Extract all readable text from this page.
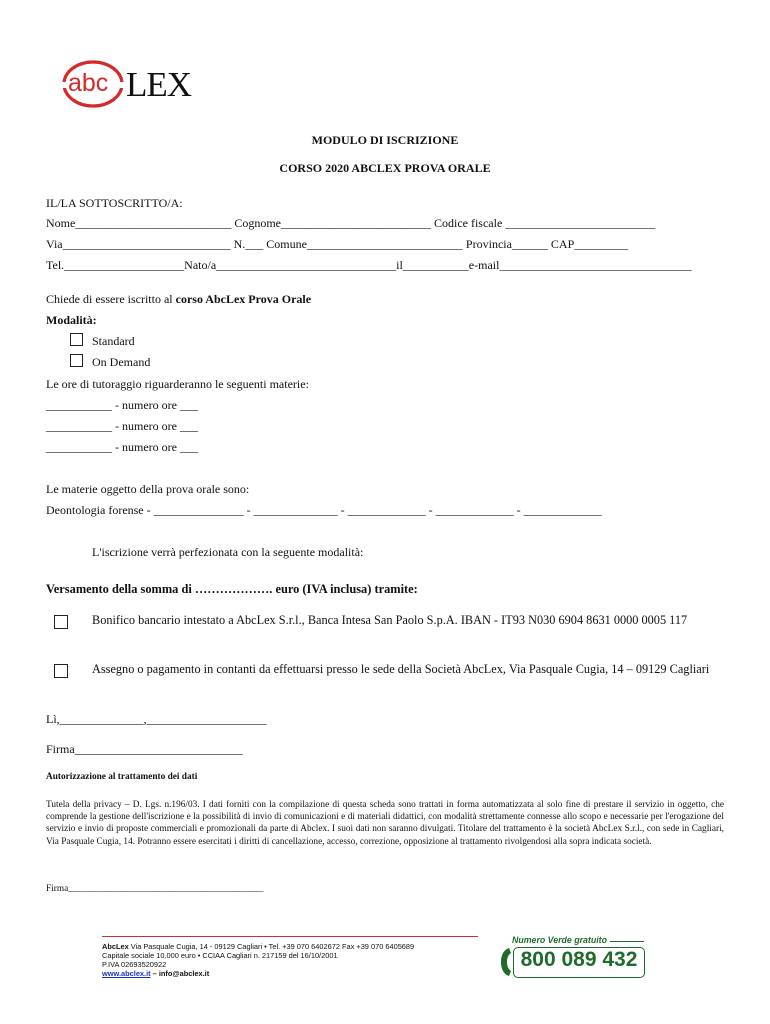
abc LEX
MODULO DI ISCRIZIONE
CORSO 2020 ABCLEX PROVA ORALE
IL/LA SOTTOSCRITTO/A:
Nome__________________________ Cognome_________________________ Codice fiscale _________________________
Via____________________________ N.___ Comune__________________________ Provincia______ CAP_________
Tel.____________________Nato/a______________________________il___________e-mail________________________________
Chiede di essere iscritto al corso AbcLex Prova Orale
Modalità:
Standard
On Demand
Le ore di tutoraggio riguarderanno le seguenti materie:
___________ - numero ore ___
___________ - numero ore ___
___________ - numero ore ___
Le materie oggetto della prova orale sono:
Deontologia forense - _______________ - ______________ - _____________ - _____________ - _____________
L'iscrizione verrà perfezionata con la seguente modalità:
Versamento della somma di ………………. euro (IVA inclusa) tramite:
Bonifico bancario intestato a AbcLex S.r.l., Banca Intesa San Paolo S.p.A. IBAN - IT93 N030 6904 8631 0000 0005 117
Assegno o pagamento in contanti da effettuarsi presso le sede della Società AbcLex, Via Pasquale Cugia, 14 – 09129 Cagliari
Lì,______________,____________________
Firma____________________________
Autorizzazione al trattamento dei dati
Tutela della privacy – D. Lgs. n.196/03. I dati forniti con la compilazione di questa scheda sono trattati in forma automatizzata al solo fine di prestare il servizio in oggetto, che comprende la gestione dell'iscrizione e la possibilità di invio di comunicazioni e di materiali didattici, con modalità strettamente connesse allo scopo e necessarie per l'erogazione del servizio e invio di proposte commerciali e promozionali da parte di Abclex. I suoi dati non saranno divulgati. Titolare del trattamento è la società AbcLex S.r.l., con sede in Cagliari, Via Pasquale Cugia, 14. Potranno essere esercitati i diritti di cancellazione, accesso, correzione, opposizione al trattamento rivolgendosi alla sopra indicata società.
Firma__________________________________________
AbcLex Via Pasquale Cugia, 14 - 09129 Cagliari • Tel. +39 070 6402672 Fax +39 070 6405689
Capitale sociale 10.000 euro • CCIAA Cagliari n. 217159 del 16/10/2001
P.IVA 02693520922
www.abclex.it – info@abclex.it
Numero Verde gratuito
800 089 432
